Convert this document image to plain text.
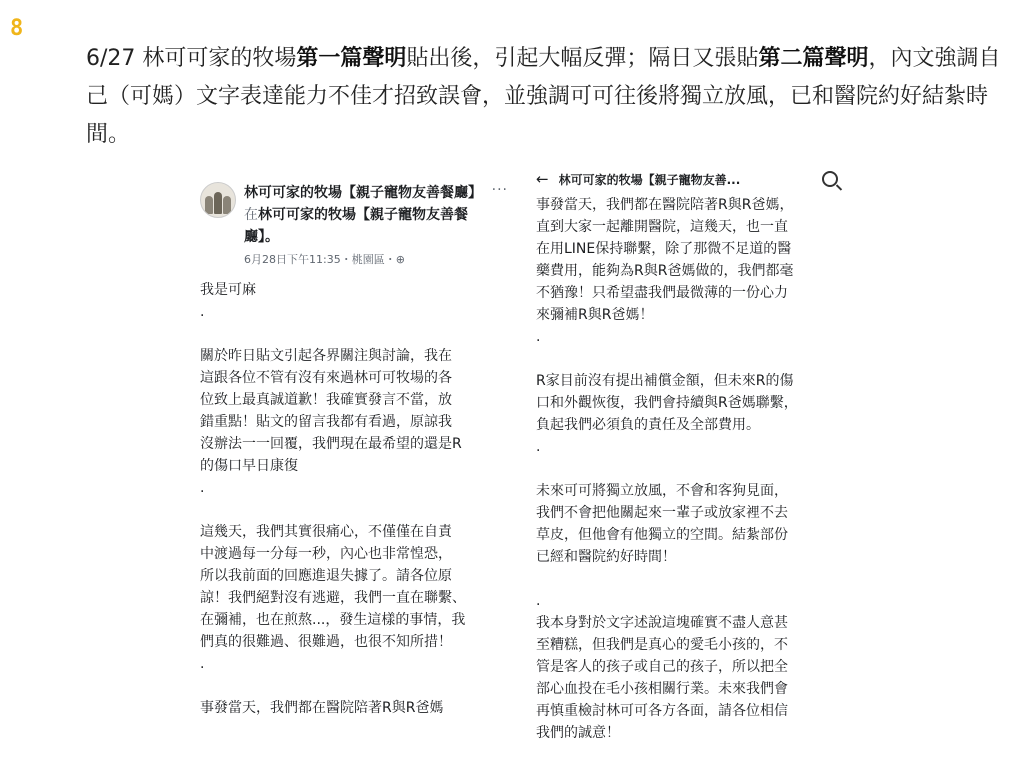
8
6/27 林可可家的牧場第一篇聲明貼出後，引起大幅反彈；隔日又張貼第二篇聲明，內文強調自己（可媽）文字表達能力不佳才招致誤會，並強調可可往後將獨立放風，已和醫院約好結紮時間。
林可可家的牧場【親子寵物友善餐廳】 在林可可家的牧場【親子寵物友善餐廳】。
6月28日下午11:35・桃園區・⊕
···
我是可麻
.
關於昨日貼文引起各界關注與討論，我在
這跟各位不管有沒有來過林可可牧場的各
位致上最真誠道歉！我確實發言不當，放
錯重點！貼文的留言我都有看過，原諒我
沒辦法一一回覆，我們現在最希望的還是R
的傷口早日康復
.
這幾天，我們其實很痛心，不僅僅在自責
中渡過每一分每一秒，內心也非常惶恐，
所以我前面的回應進退失據了。請各位原
諒！我們絕對沒有逃避，我們一直在聯繫、
在彌補，也在煎熬...，發生這樣的事情，我
們真的很難過、很難過，也很不知所措！
.
事發當天，我們都在醫院陪著R與R爸媽
← 林可可家的牧場【親子寵物友善...
事發當天，我們都在醫院陪著R與R爸媽，
直到大家一起離開醫院，這幾天，也一直
在用LINE保持聯繫，除了那微不足道的醫
藥費用，能夠為R與R爸媽做的，我們都毫
不猶豫！只希望盡我們最微薄的一份心力
來彌補R與R爸媽！
.
R家目前沒有提出補償金額，但未來R的傷
口和外觀恢復，我們會持續與R爸媽聯繫，
負起我們必須負的責任及全部費用。
.
未來可可將獨立放風，不會和客狗見面，
我們不會把他關起來一輩子或放家裡不去
草皮，但他會有他獨立的空間。結紮部份
已經和醫院約好時間！
.
我本身對於文字述說這塊確實不盡人意甚
至糟糕，但我們是真心的愛毛小孩的，不
管是客人的孩子或自己的孩子，所以把全
部心血投在毛小孩相關行業。未來我們會
再慎重檢討林可可各方各面，請各位相信
我們的誠意！
